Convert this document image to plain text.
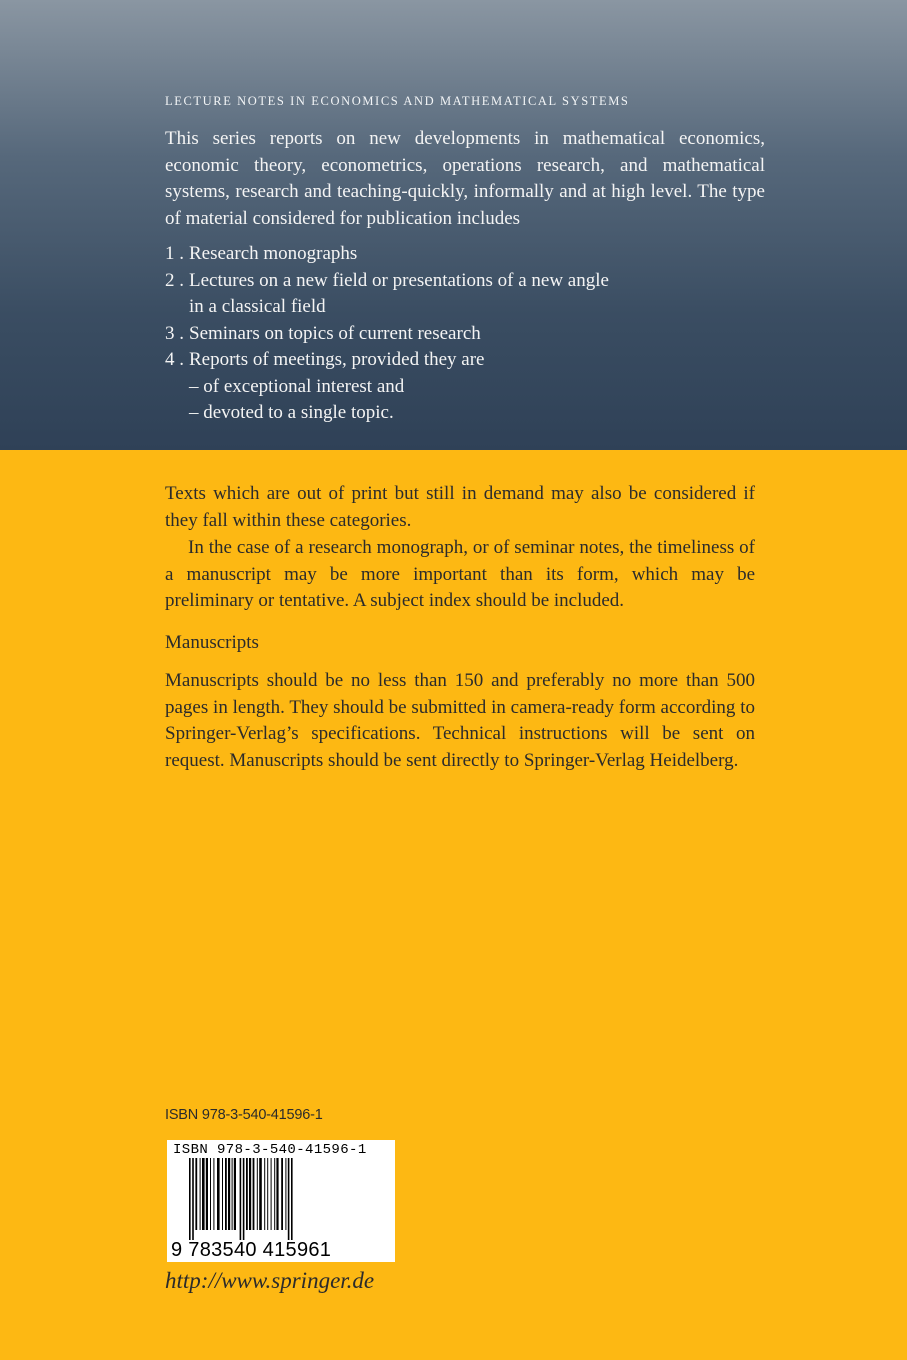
LECTURE NOTES IN ECONOMICS AND MATHEMATICAL SYSTEMS

This series reports on new developments in mathematical economics, economic theory, econometrics, operations research, and mathematical systems, research and teaching-quickly, informally and at high level. The type of material considered for publication includes

1 . Research monographs
2 . Lectures on a new field or presentations of a new angle
in a classical field
3 . Seminars on topics of current research
4 . Reports of meetings, provided they are
– of exceptional interest and
– devoted to a single topic.

Texts which are out of print but still in demand may also be considered if they fall within these categories.

In the case of a research monograph, or of seminar notes, the timeliness of a manuscript may be more important than its form, which may be preliminary or tentative. A subject index should be included.

Manuscripts

Manuscripts should be no less than 150 and preferably no more than 500 pages in length. They should be submitted in camera-ready form according to Springer-Verlag’s specifications. Technical instructions will be sent on request. Manuscripts should be sent directly to Springer-Verlag Heidelberg.

ISBN 978-3-540-41596-1
ISBN 978-3-540-41596-1
9 783540 415961
http://www.springer.de
